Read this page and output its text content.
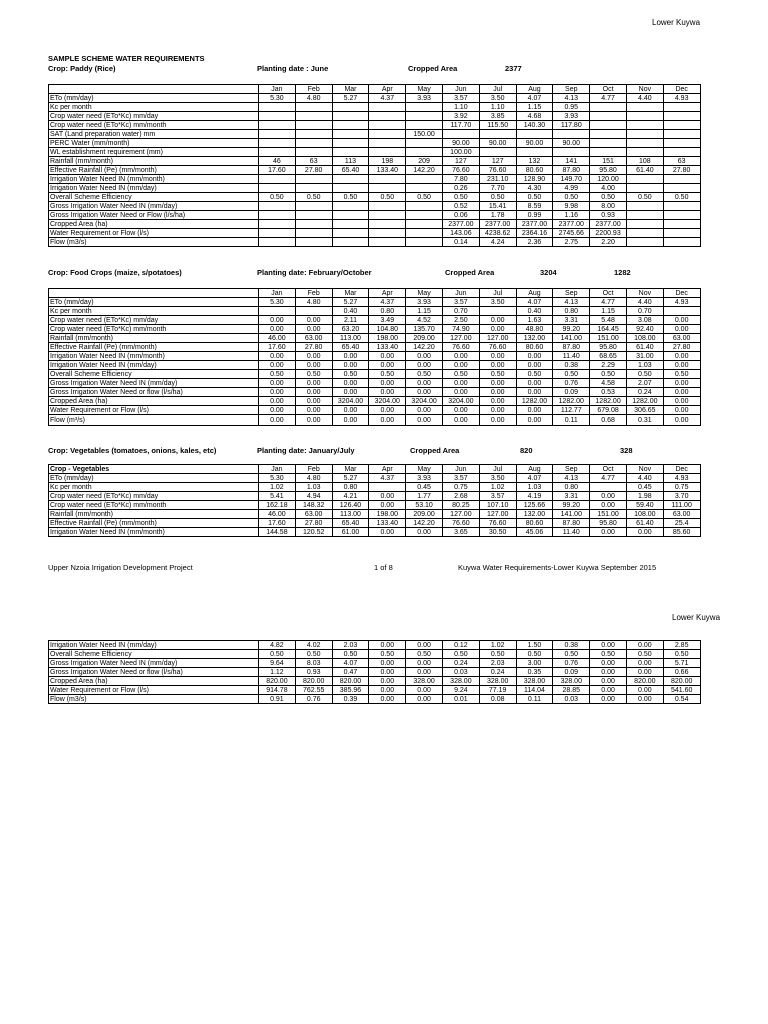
Lower Kuywa
SAMPLE SCHEME WATER REQUIREMENTS
Crop: Paddy (Rice)	Planting date : June	Cropped Area	2377
	Jan	Feb	Mar	Apr	May	Jun	Jul	Aug	Sep	Oct	Nov	Dec
ETo (mm/day)	5.30	4.80	5.27	4.37	3.93	3.57	3.50	4.07	4.13	4.77	4.40	4.93
Kc per month						1.10	1.10	1.15	0.95			
Crop water need (ETo*Kc) mm/day						3.92	3.85	4.68	3.93			
Crop water need (ETo*Kc) mm/month						117.70	115.50	140.30	117.80			
SAT (Land preparation water) mm					150.00							
PERC Water (mm/month)						90.00	90.00	90.00	90.00			
WL establishment requirement (mm)						100.00						
Rainfall (mm/month)	46	63	113	198	209	127	127	132	141	151	108	63
Effective Rainfall (Pe) (mm/month)	17.60	27.80	65.40	133.40	142.20	76.60	76.60	80.60	87.80	95.80	61.40	27.80
Irrigation Water Need IN (mm/month)						7.80	231.10	128.90	149.70	120.00		
Irrigation Water Need IN (mm/day)						0.26	7.70	4.30	4.99	4.00		
Overall Scheme Efficiency	0.50	0.50	0.50	0.50	0.50	0.50	0.50	0.50	0.50	0.50	0.50	0.50
Gross Irrigation Water Need IN (mm/day)						0.52	15.41	8.59	9.98	8.00		
Gross Irrigation Water Need or Flow (l/s/ha)						0.06	1.78	0.99	1.16	0.93		
Cropped Area (ha)						2377.00	2377.00	2377.00	2377.00	2377.00		
Water Requirement or Flow (l/s)						143.06	4238.62	2364.16	2745.66	2200.93		
Flow (m3/s)						0.14	4.24	2.36	2.75	2.20		
Crop: Food Crops (maize, s/potatoes)	Planting date: February/October	Cropped Area	3204	1282
	Jan	Feb	Mar	Apr	May	Jun	Jul	Aug	Sep	Oct	Nov	Dec
ETo (mm/day)	5.30	4.80	5.27	4.37	3.93	3.57	3.50	4.07	4.13	4.77	4.40	4.93
Kc per month			0.40	0.80	1.15	0.70		0.40	0.80	1.15	0.70	
Crop water need (ETo*Kc) mm/day	0.00	0.00	2.11	3.49	4.52	2.50	0.00	1.63	3.31	5.48	3.08	0.00
Crop water need (ETo*Kc) mm/month	0.00	0.00	63.20	104.80	135.70	74.90	0.00	48.80	99.20	164.45	92.40	0.00
Rainfall (mm/month)	46.00	63.00	113.00	198.00	209.00	127.00	127.00	132.00	141.00	151.00	108.00	63.00
Effective Rainfall (Pe) (mm/month)	17.60	27.80	65.40	133.40	142.20	76.60	76.60	80.60	87.80	95.80	61.40	27.80
Irrigation Water Need IN (mm/month)	0.00	0.00	0.00	0.00	0.00	0.00	0.00	0.00	11.40	68.65	31.00	0.00
Irrigation Water Need IN (mm/day)	0.00	0.00	0.00	0.00	0.00	0.00	0.00	0.00	0.38	2.29	1.03	0.00
Overall Scheme Efficiency	0.50	0.50	0.50	0.50	0.50	0.50	0.50	0.50	0.50	0.50	0.50	0.50
Gross Irrigation Water Need IN (mm/day)	0.00	0.00	0.00	0.00	0.00	0.00	0.00	0.00	0.76	4.58	2.07	0.00
Gross Irrigation Water Need or flow (l/s/ha)	0.00	0.00	0.00	0.00	0.00	0.00	0.00	0.00	0.09	0.53	0.24	0.00
Cropped Area (ha)	0.00	0.00	3204.00	3204.00	3204.00	3204.00	0.00	1282.00	1282.00	1282.00	1282.00	0.00
Water Requirement or Flow (l/s)	0.00	0.00	0.00	0.00	0.00	0.00	0.00	0.00	112.77	679.08	306.65	0.00
Flow (m³/s)	0.00	0.00	0.00	0.00	0.00	0.00	0.00	0.00	0.11	0.68	0.31	0.00
Crop: Vegetables (tomatoes, onions, kales, etc)	Planting date: January/July	Cropped Area	820	328
Crop - Vegetables	Jan	Feb	Mar	Apr	May	Jun	Jul	Aug	Sep	Oct	Nov	Dec
ETo (mm/day)	5.30	4.80	5.27	4.37	3.93	3.57	3.50	4.07	4.13	4.77	4.40	4.93
Kc per month	1.02	1.03	0.80		0.45	0.75	1.02	1.03	0.80		0.45	0.75
Crop water need (ETo*Kc) mm/day	5.41	4.94	4.21	0.00	1.77	2.68	3.57	4.19	3.31	0.00	1.98	3.70
Crop water need (ETo*Kc) mm/month	162.18	148.32	126.40	0.00	53.10	80.25	107.10	125.66	99.20	0.00	59.40	111.00
Rainfall (mm/month)	46.00	63.00	113.00	198.00	209.00	127.00	127.00	132.00	141.00	151.00	108.00	63.00
Effective Rainfall (Pe) (mm/month)	17.60	27.80	65.40	133.40	142.20	76.60	76.60	80.60	87.80	95.80	61.40	25.4
Irrigation Water Need IN (mm/month)	144.58	120.52	61.00	0.00	0.00	3.65	30.50	45.06	11.40	0.00	0.00	85.60
Upper Nzoia Irrigation Development Project	1 of 8	Kuywa Water Requirements-Lower Kuywa September 2015
Lower Kuywa
Irrigation Water Need IN (mm/day)	4.82	4.02	2.03	0.00	0.00	0.12	1.02	1.50	0.38	0.00	0.00	2.85
Overall Scheme Efficiency	0.50	0.50	0.50	0.50	0.50	0.50	0.50	0.50	0.50	0.50	0.50	0.50
Gross Irrigation Water Need IN (mm/day)	9.64	8.03	4.07	0.00	0.00	0.24	2.03	3.00	0.76	0.00	0.00	5.71
Gross Irrigation Water Need or flow (l/s/ha)	1.12	0.93	0.47	0.00	0.00	0.03	0.24	0.35	0.09	0.00	0.00	0.66
Cropped Area (ha)	820.00	820.00	820.00	0.00	328.00	328.00	328.00	328.00	328.00	0.00	820.00	820.00
Water Requirement or Flow (l/s)	914.78	762.55	385.96	0.00	0.00	9.24	77.19	114.04	28.85	0.00	0.00	541.60
Flow (m3/s)	0.91	0.76	0.39	0.00	0.00	0.01	0.08	0.11	0.03	0.00	0.00	0.54
